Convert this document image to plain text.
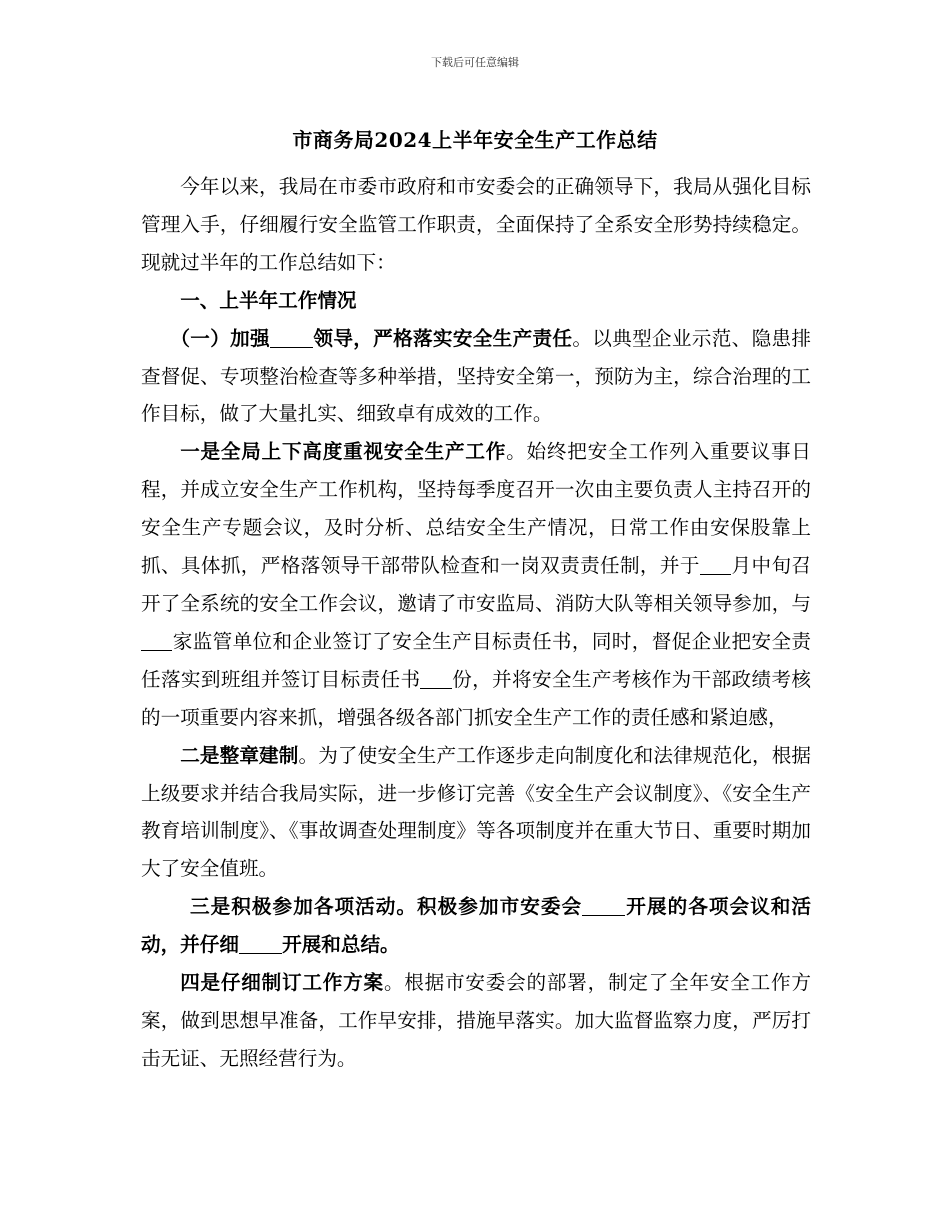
下载后可任意编辑
市商务局2024上半年安全生产工作总结

今年以来，我局在市委市政府和市安委会的正确领导下，我局从强化目标管理入手，仔细履行安全监管工作职责，全面保持了全系安全形势持续稳定。现就过半年的工作总结如下：

一、上半年工作情况

（一）加强 领导，严格落实安全生产责任。以典型企业示范、隐患排查督促、专项整治检查等多种举措，坚持安全第一，预防为主，综合治理的工作目标，做了大量扎实、细致卓有成效的工作。

一是全局上下高度重视安全生产工作。始终把安全工作列入重要议事日程，并成立安全生产工作机构，坚持每季度召开一次由主要负责人主持召开的安全生产专题会议，及时分析、总结安全生产情况，日常工作由安保股靠上抓、具体抓，严格落领导干部带队检查和一岗双责责任制，并于 月中旬召开了全系统的安全工作会议，邀请了市安监局、消防大队等相关领导参加，与家监管单位和企业签订了安全生产目标责任书，同时，督促企业把安全责任落实到班组并签订目标责任书 份，并将安全生产考核作为干部政绩考核的一项重要内容来抓，增强各级各部门抓安全生产工作的责任感和紧迫感，

二是整章建制。为了使安全生产工作逐步走向制度化和法律规范化，根据上级要求并结合我局实际，进一步修订完善《安全生产会议制度》、《安全生产教育培训制度》、《事故调查处理制度》等各项制度并在重大节日、重要时期加大了安全值班。

三是积极参加各项活动。积极参加市安委会 开展的各项会议和活动，并仔细 开展和总结。

四是仔细制订工作方案。根据市安委会的部署，制定了全年安全工作方案，做到思想早准备，工作早安排，措施早落实。加大监督监察力度，严厉打击无证、无照经营行为。
